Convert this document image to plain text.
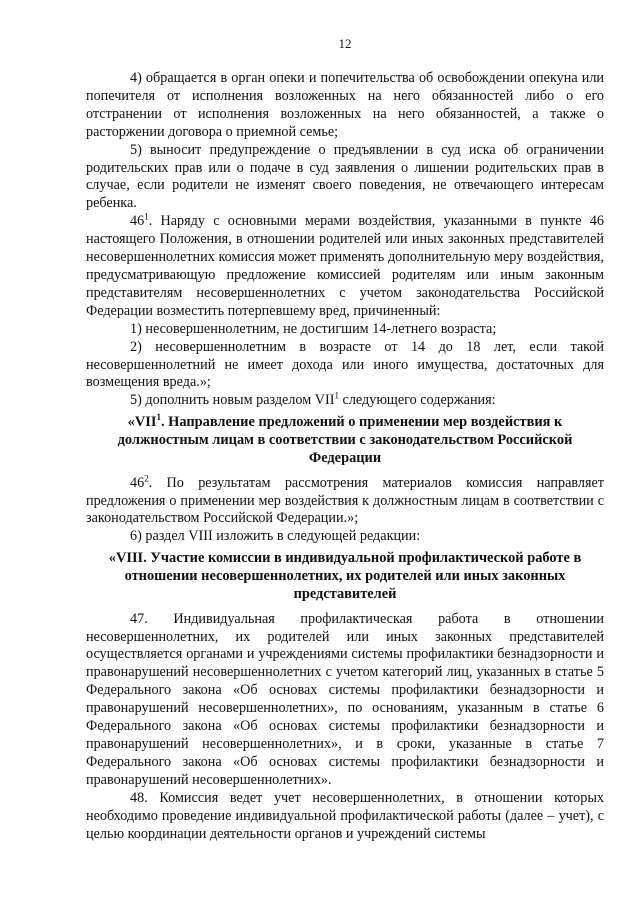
12

4) обращается в орган опеки и попечительства об освобождении опекуна или попечителя от исполнения возложенных на него обязанностей либо о его отстранении от исполнения возложенных на него обязанностей, а также о расторжении договора о приемной семье;

5) выносит предупреждение о предъявлении в суд иска об ограничении родительских прав или о подаче в суд заявления о лишении родительских прав в случае, если родители не изменят своего поведения, не отвечающего интересам ребенка.

$46^1$. Наряду с основными мерами воздействия, указанными в пункте 46 настоящего Положения, в отношении родителей или иных законных представителей несовершеннолетних комиссия может применять дополнительную меру воздействия, предусматривающую предложение комиссией родителям или иным законным представителям несовершеннолетних с учетом законодательства Российской Федерации возместить потерпевшему вред, причиненный:

1) несовершеннолетним, не достигшим 14-летнего возраста;

2) несовершеннолетним в возрасте от 14 до 18 лет, если такой несовершеннолетний не имеет дохода или иного имущества, достаточных для возмещения вреда.»;

5) дополнить новым разделом VII$^1$ следующего содержания:

«VII$^1$. Направление предложений о применении мер воздействия к должностным лицам в соответствии с законодательством Российской Федерации

$46^2$. По результатам рассмотрения материалов комиссия направляет предложения о применении мер воздействия к должностным лицам в соответствии с законодательством Российской Федерации.»;

6) раздел VIII изложить в следующей редакции:

«VIII. Участие комиссии в индивидуальной профилактической работе в отношении несовершеннолетних, их родителей или иных законных представителей

47. Индивидуальная профилактическая работа в отношении несовершеннолетних, их родителей или иных законных представителей осуществляется органами и учреждениями системы профилактики безнадзорности и правонарушений несовершеннолетних с учетом категорий лиц, указанных в статье 5 Федерального закона «Об основах системы профилактики безнадзорности и правонарушений несовершеннолетних», по основаниям, указанным в статье 6 Федерального закона «Об основах системы профилактики безнадзорности и правонарушений несовершеннолетних», и в сроки, указанные в статье 7 Федерального закона «Об основах системы профилактики безнадзорности и правонарушений несовершеннолетних».

48. Комиссия ведет учет несовершеннолетних, в отношении которых необходимо проведение индивидуальной профилактической работы (далее – учет), с целью координации деятельности органов и учреждений системы
